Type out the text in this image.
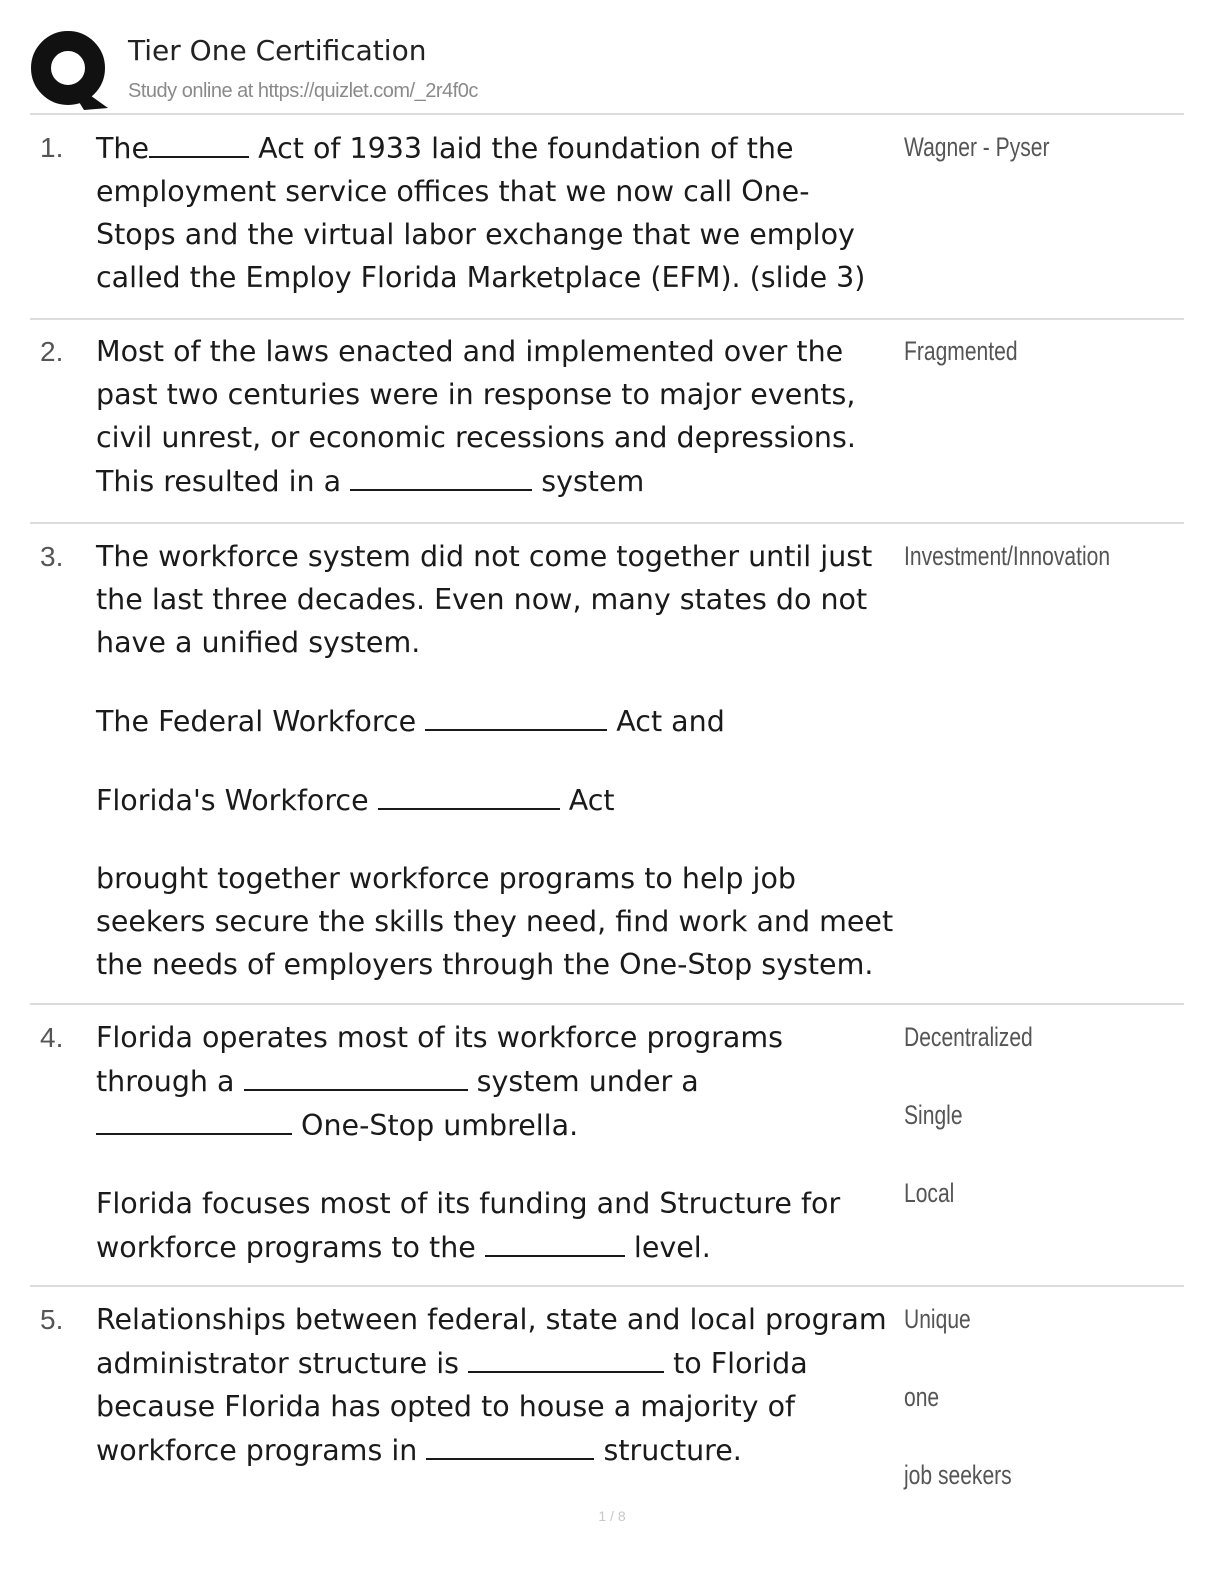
Tier One Certification
Study online at https://quizlet.com/_2r4f0c
1. The	Act of 1933 laid the foundation of the employment service offices that we now call One-Stops and the virtual labor exchange that we employ called the Employ Florida Marketplace (EFM). (slide 3)

Wagner - Pyser
2. Most of the laws enacted and implemented over the past two centuries were in response to major events, civil unrest, or economic recessions and depressions. This resulted in a	system

Fragmented
3. The workforce system did not come together until just the last three decades. Even now, many states do not have a unified system.

The Federal Workforce	Act and

Florida's Workforce	Act

brought together workforce programs to help job seekers secure the skills they need, find work and meet the needs of employers through the One-Stop system.

Investment/Innovation
4. Florida operates most of its workforce programs through a	system under a One-Stop umbrella.

Florida focuses most of its funding and Structure for workforce programs to the	level.

Decentralized
Single
Local
5. Relationships between federal, state and local program administrator structure is	to Florida because Florida has opted to house a majority of workforce programs in	structure.

Unique
one
job seekers
1 / 8
